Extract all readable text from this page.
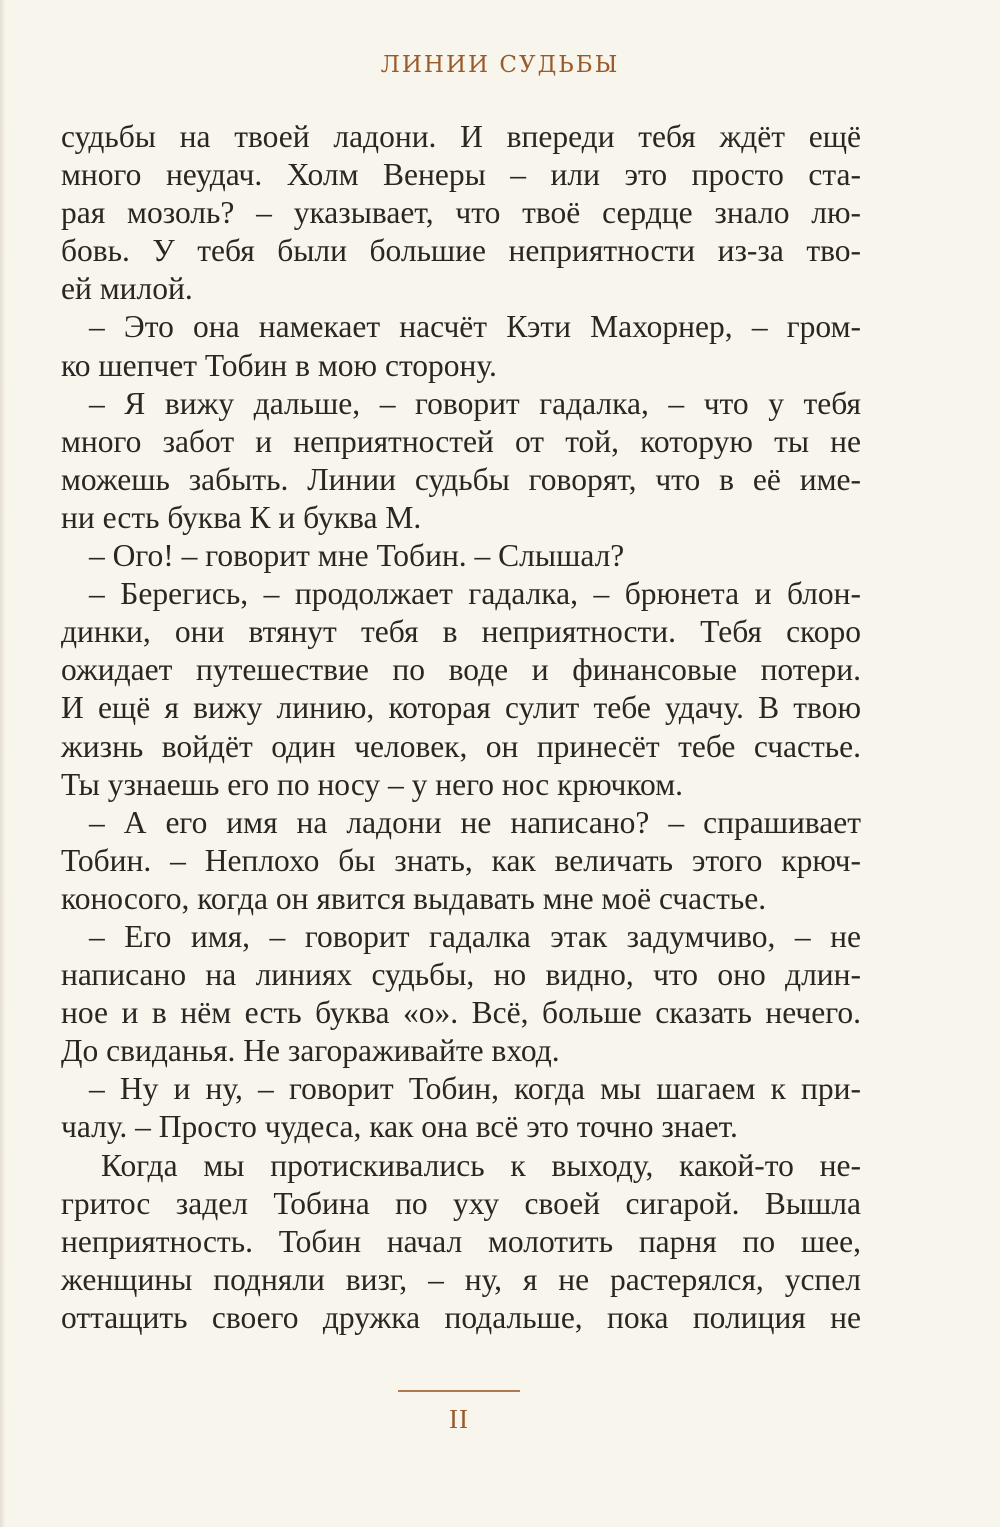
ЛИНИИ СУДЬБЫ
судьбы на твоей ладони. И впереди тебя ждёт ещё
много неудач. Холм Венеры – или это просто ста-
рая мозоль? – указывает, что твоё сердце знало лю-
бовь. У тебя были большие неприятности из-за тво-
ей милой.
– Это она намекает насчёт Кэти Махорнер, – гром-
ко шепчет Тобин в мою сторону.
– Я вижу дальше, – говорит гадалка, – что у тебя
много забот и неприятностей от той, которую ты не
можешь забыть. Линии судьбы говорят, что в её име-
ни есть буква К и буква М.
– Ого! – говорит мне Тобин. – Слышал?
– Берегись, – продолжает гадалка, – брюнета и блон-
динки, они втянут тебя в неприятности. Тебя скоро
ожидает путешествие по воде и финансовые потери.
И ещё я вижу линию, которая сулит тебе удачу. В твою
жизнь войдёт один человек, он принесёт тебе счастье.
Ты узнаешь его по носу – у него нос крючком.
– А его имя на ладони не написано? – спрашивает
Тобин. – Неплохо бы знать, как величать этого крюч-
коносого, когда он явится выдавать мне моё счастье.
– Его имя, – говорит гадалка этак задумчиво, – не
написано на линиях судьбы, но видно, что оно длин-
ное и в нём есть буква «о». Всё, больше сказать нечего.
До свиданья. Не загораживайте вход.
– Ну и ну, – говорит Тобин, когда мы шагаем к при-
чалу. – Просто чудеса, как она всё это точно знает.
Когда мы протискивались к выходу, какой-то не-
гритос задел Тобина по уху своей сигарой. Вышла
неприятность. Тобин начал молотить парня по шее,
женщины подняли визг, – ну, я не растерялся, успел
оттащить своего дружка подальше, пока полиция не
II
